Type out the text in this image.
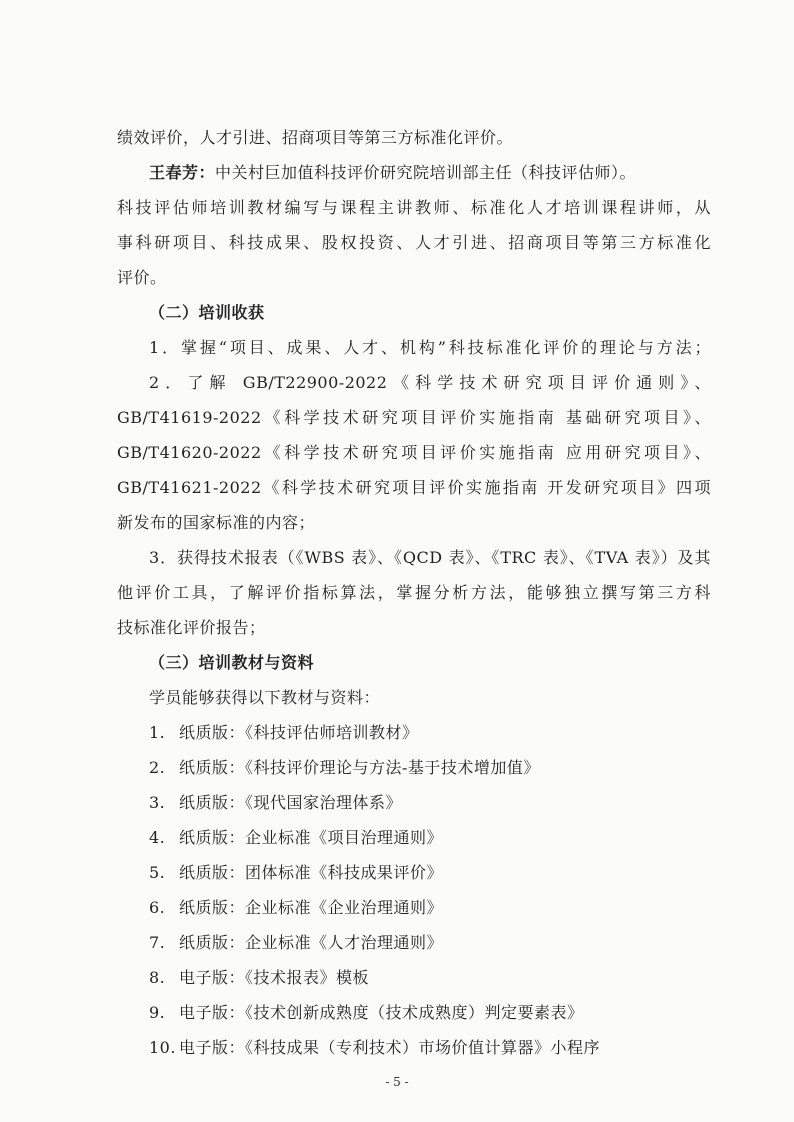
绩效评价，人才引进、招商项目等第三方标准化评价。
王春芳：中关村巨加值科技评价研究院培训部主任（科技评估师）。
科技评估师培训教材编写与课程主讲教师、标准化人才培训课程讲师，从
事科研项目、科技成果、股权投资、人才引进、招商项目等第三方标准化
评价。
（二）培训收获
1．掌握“项目、成果、人才、机构”科技标准化评价的理论与方法；
2．了解 GB/T22900-2022《科学技术研究项目评价通则》、
GB/T41619-2022《科学技术研究项目评价实施指南 基础研究项目》、
GB/T41620-2022《科学技术研究项目评价实施指南 应用研究项目》、
GB/T41621-2022《科学技术研究项目评价实施指南 开发研究项目》四项
新发布的国家标准的内容；
3．获得技术报表（《WBS 表》、《QCD 表》、《TRC 表》、《TVA 表》）及其
他评价工具，了解评价指标算法，掌握分析方法，能够独立撰写第三方科
技标准化评价报告；
（三）培训教材与资料
学员能够获得以下教材与资料：
1. 纸质版：《科技评估师培训教材》
2. 纸质版：《科技评价理论与方法-基于技术增加值》
3. 纸质版：《现代国家治理体系》
4. 纸质版：企业标准《项目治理通则》
5. 纸质版：团体标准《科技成果评价》
6. 纸质版：企业标准《企业治理通则》
7. 纸质版：企业标准《人才治理通则》
8. 电子版：《技术报表》模板
9. 电子版：《技术创新成熟度（技术成熟度）判定要素表》
10. 电子版：《科技成果（专利技术）市场价值计算器》小程序
- 5 -
